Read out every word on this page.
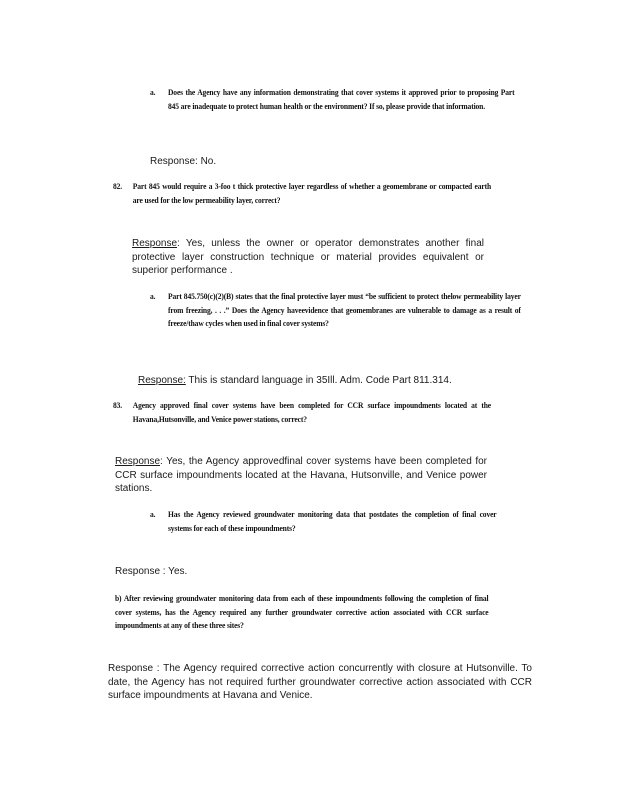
a. Does the Agency have any information demonstrating that cover systems it approved prior to proposing Part 845 are inadequate to protect human health or the environment? If so, please provide that information.
Response: No.
82. Part 845 would require a 3-foo t thick protective layer regardless of whether a geomembrane or compacted earth are used for the low permeability layer, correct?
Response: Yes, unless the owner or operator demonstrates another final protective layer construction technique or material provides equivalent or superior performance .
a. Part 845.750(c)(2)(B) states that the final protective layer must “be sufficient to protect thelow permeability layer from freezing, . . .” Does the Agency haveevidence that geomembranes are vulnerable to damage as a result of freeze/thaw cycles when used in final cover systems?
Response: This is standard language in 35Ill. Adm. Code Part 811.314.
83. Agency approved final cover systems have been completed for CCR surface impoundments located at the Havana,Hutsonville, and Venice power stations, correct?
Response: Yes, the Agency approvedfinal cover systems have been completed for CCR surface impoundments located at the Havana, Hutsonville, and Venice power stations.
a. Has the Agency reviewed groundwater monitoring data that postdates the completion of final cover systems for each of these impoundments?
Response : Yes.
b) After reviewing groundwater monitoring data from each of these impoundments following the completion of final cover systems, has the Agency required any further groundwater corrective action associated with CCR surface impoundments at any of these three sites?
Response : The Agency required corrective action concurrently with closure at Hutsonville. To date, the Agency has not required further groundwater corrective action associated with CCR surface impoundments at Havana and Venice.
